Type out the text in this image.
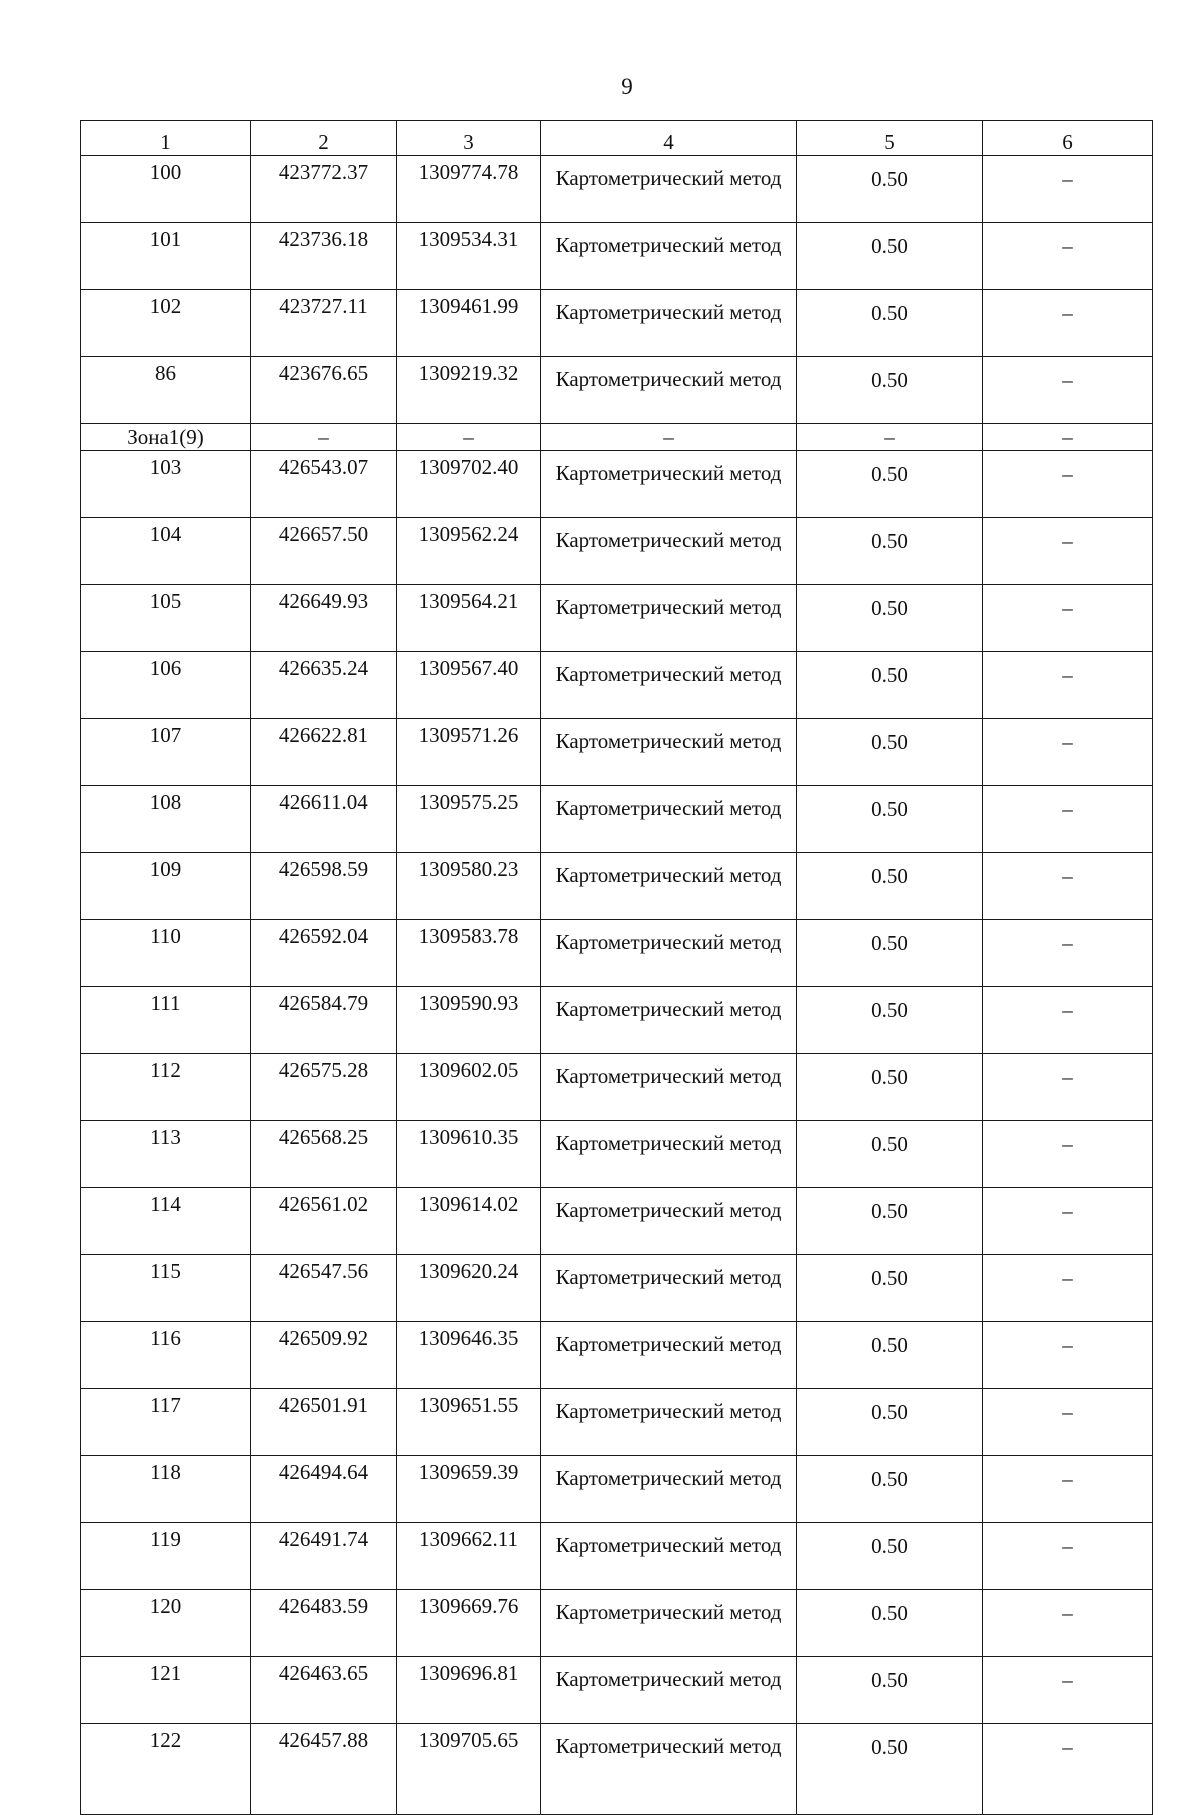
9
1	2	3	4	5	6
100	423772.37	1309774.78	Картометрический метод	0.50	–
101	423736.18	1309534.31	Картометрический метод	0.50	–
102	423727.11	1309461.99	Картометрический метод	0.50	–
86	423676.65	1309219.32	Картометрический метод	0.50	–
Зона1(9)	–	–	–	–	–
103	426543.07	1309702.40	Картометрический метод	0.50	–
104	426657.50	1309562.24	Картометрический метод	0.50	–
105	426649.93	1309564.21	Картометрический метод	0.50	–
106	426635.24	1309567.40	Картометрический метод	0.50	–
107	426622.81	1309571.26	Картометрический метод	0.50	–
108	426611.04	1309575.25	Картометрический метод	0.50	–
109	426598.59	1309580.23	Картометрический метод	0.50	–
110	426592.04	1309583.78	Картометрический метод	0.50	–
111	426584.79	1309590.93	Картометрический метод	0.50	–
112	426575.28	1309602.05	Картометрический метод	0.50	–
113	426568.25	1309610.35	Картометрический метод	0.50	–
114	426561.02	1309614.02	Картометрический метод	0.50	–
115	426547.56	1309620.24	Картометрический метод	0.50	–
116	426509.92	1309646.35	Картометрический метод	0.50	–
117	426501.91	1309651.55	Картометрический метод	0.50	–
118	426494.64	1309659.39	Картометрический метод	0.50	–
119	426491.74	1309662.11	Картометрический метод	0.50	–
120	426483.59	1309669.76	Картометрический метод	0.50	–
121	426463.65	1309696.81	Картометрический метод	0.50	–
122	426457.88	1309705.65	Картометрический метод	0.50	–
